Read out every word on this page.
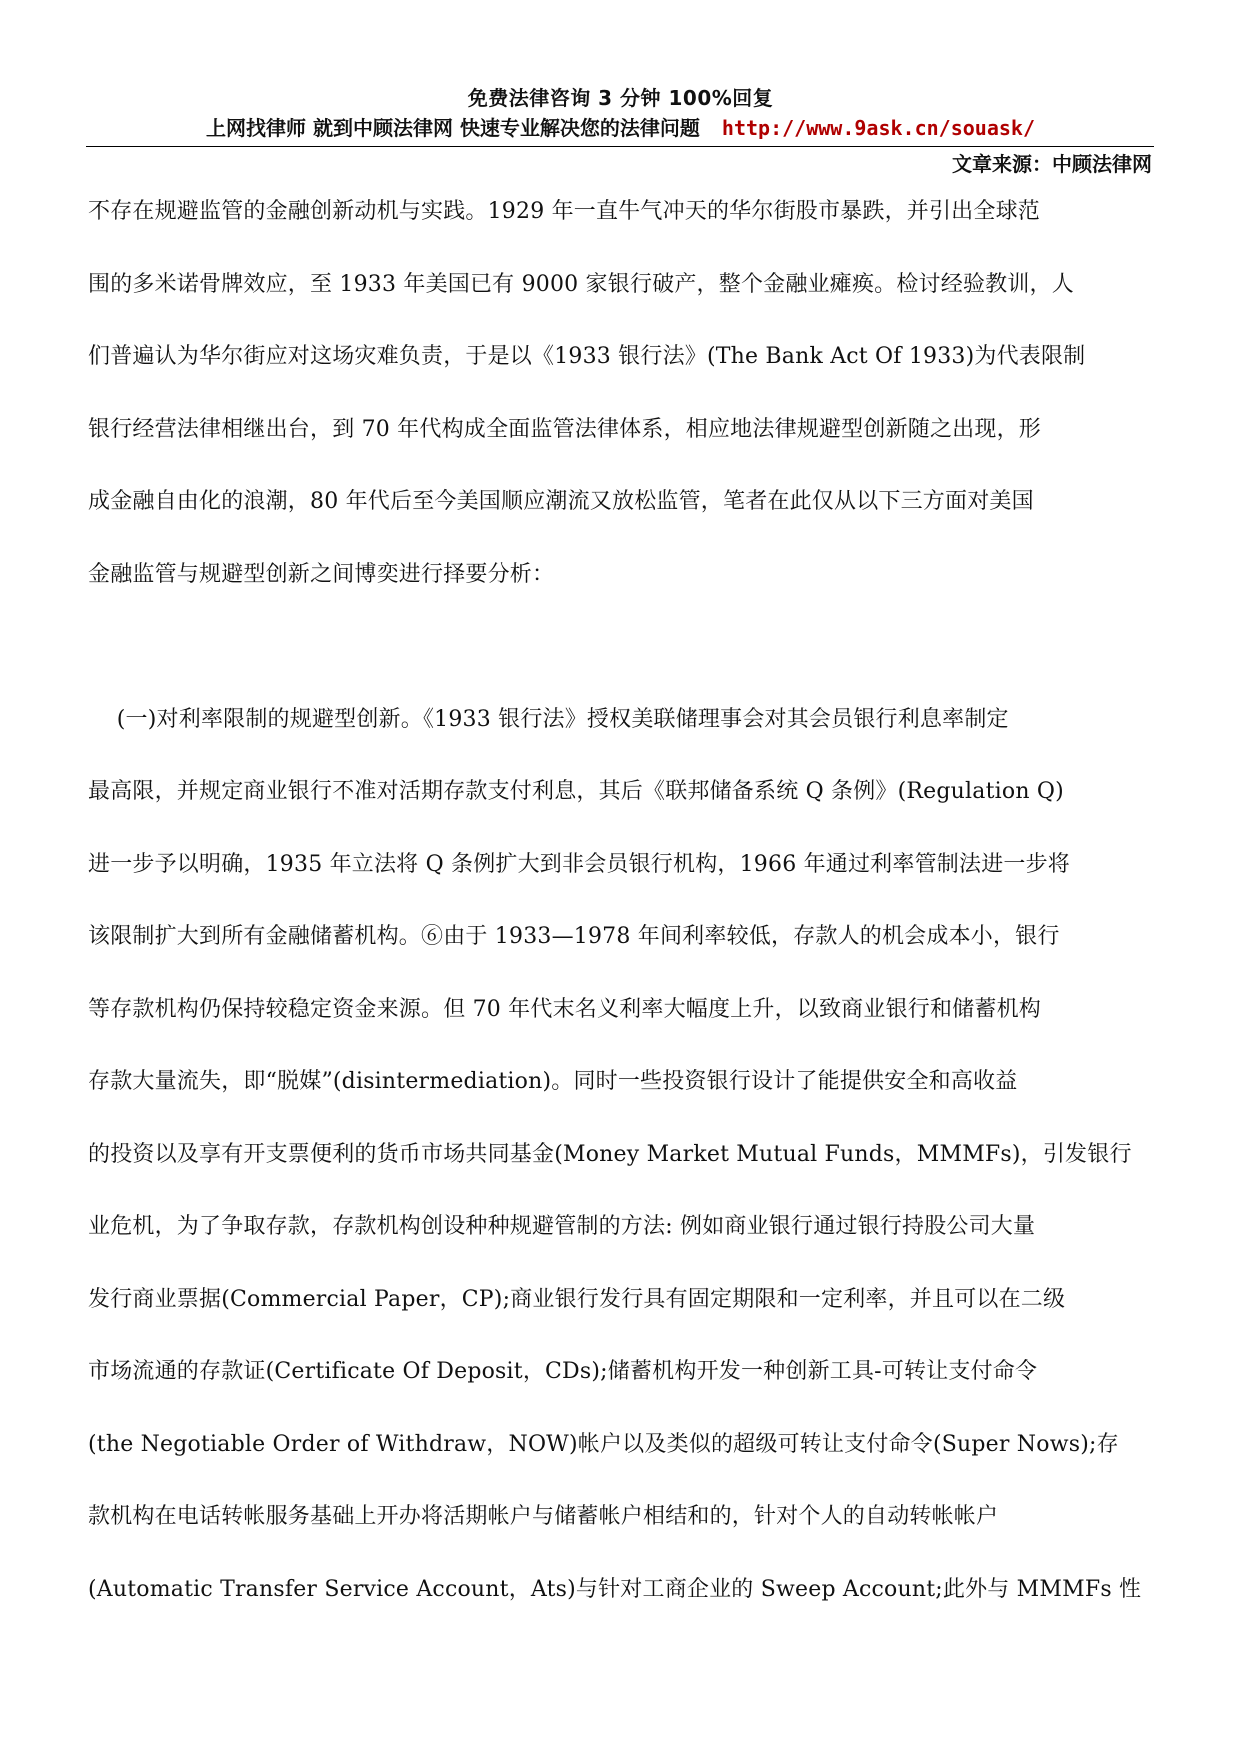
免费法律咨询 3 分钟 100%回复
上网找律师 就到中顾法律网 快速专业解决您的法律问题 http://www.9ask.cn/souask/
文章来源：中顾法律网
不存在规避监管的金融创新动机与实践。1929 年一直牛气冲天的华尔街股市暴跌，并引出全球范
围的多米诺骨牌效应，至 1933 年美国已有 9000 家银行破产，整个金融业瘫痪。检讨经验教训，人
们普遍认为华尔街应对这场灾难负责，于是以《1933 银行法》(The Bank Act Of 1933)为代表限制
银行经营法律相继出台，到 70 年代构成全面监管法律体系，相应地法律规避型创新随之出现，形
成金融自由化的浪潮，80 年代后至今美国顺应潮流又放松监管，笔者在此仅从以下三方面对美国
金融监管与规避型创新之间博奕进行择要分析：
(一)对利率限制的规避型创新。《1933 银行法》授权美联储理事会对其会员银行利息率制定
最高限，并规定商业银行不准对活期存款支付利息，其后《联邦储备系统 Q 条例》(Regulation Q)
进一步予以明确，1935 年立法将 Q 条例扩大到非会员银行机构，1966 年通过利率管制法进一步将
该限制扩大到所有金融储蓄机构。⑥由于 1933—1978 年间利率较低，存款人的机会成本小，银行
等存款机构仍保持较稳定资金来源。但 70 年代末名义利率大幅度上升，以致商业银行和储蓄机构
存款大量流失，即“脱媒”(disintermediation)。同时一些投资银行设计了能提供安全和高收益
的投资以及享有开支票便利的货币市场共同基金(Money Market Mutual Funds，MMMFs)，引发银行
业危机，为了争取存款，存款机构创设种种规避管制的方法: 例如商业银行通过银行持股公司大量
发行商业票据(Commercial Paper，CP);商业银行发行具有固定期限和一定利率，并且可以在二级
市场流通的存款证(Certificate Of Deposit，CDs);储蓄机构开发一种创新工具-可转让支付命令
(the Negotiable Order of Withdraw，NOW)帐户以及类似的超级可转让支付命令(Super Nows);存
款机构在电话转帐服务基础上开办将活期帐户与储蓄帐户相结和的，针对个人的自动转帐帐户
(Automatic Transfer Service Account，Ats)与针对工商企业的 Sweep Account;此外与 MMMFs 性
